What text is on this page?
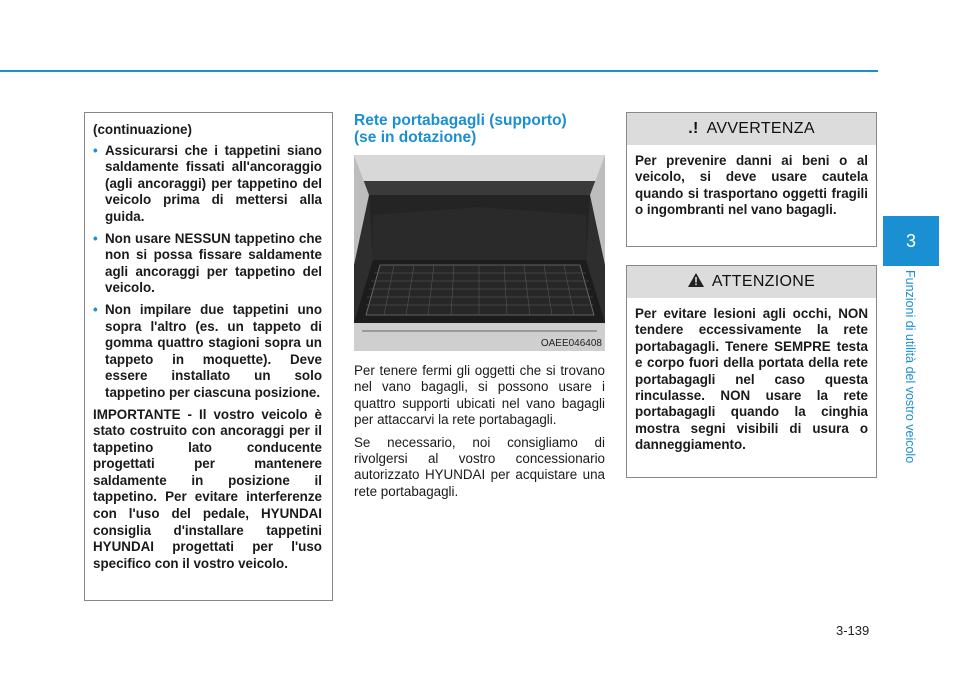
(continuazione)
• Assicurarsi che i tappetini siano saldamente fissati all'ancoraggio (agli ancoraggi) per tappetino del veicolo prima di mettersi alla guida.
• Non usare NESSUN tappetino che non si possa fissare saldamente agli ancoraggi per tappetino del veicolo.
• Non impilare due tappetini uno sopra l'altro (es. un tappeto di gomma quattro stagioni sopra un tappeto in moquette). Deve essere installato un solo tappetino per ciascuna posizione.
IMPORTANTE - Il vostro veicolo è stato costruito con ancoraggi per il tappetino lato conducente progettati per mantenere saldamente in posizione il tappetino. Per evitare interferenze con l'uso del pedale, HYUNDAI consiglia d'installare tappetini HYUNDAI progettati per l'uso specifico con il vostro veicolo.
Rete portabagagli (supporto)
(se in dotazione)
OAEE046408

Per tenere fermi gli oggetti che si trovano nel vano bagagli, si possono usare i quattro supporti ubicati nel vano bagagli per attaccarvi la rete portabagagli.

Se necessario, noi consigliamo di rivolgersi al vostro concessionario autorizzato HYUNDAI per acquistare una rete portabagagli.

.! AVVERTENZA
Per prevenire danni ai beni o al veicolo, si deve usare cautela quando si trasportano oggetti fragili o ingombranti nel vano bagagli.
ATTENZIONE
Per evitare lesioni agli occhi, NON tendere eccessivamente la rete portabagagli. Tenere SEMPRE testa e corpo fuori della portata della rete portabagagli nel caso questa rinculasse. NON usare la rete portabagagli quando la cinghia mostra segni visibili di usura o danneggiamento.
3
Funzioni di utilità del vostro veicolo
3-139
